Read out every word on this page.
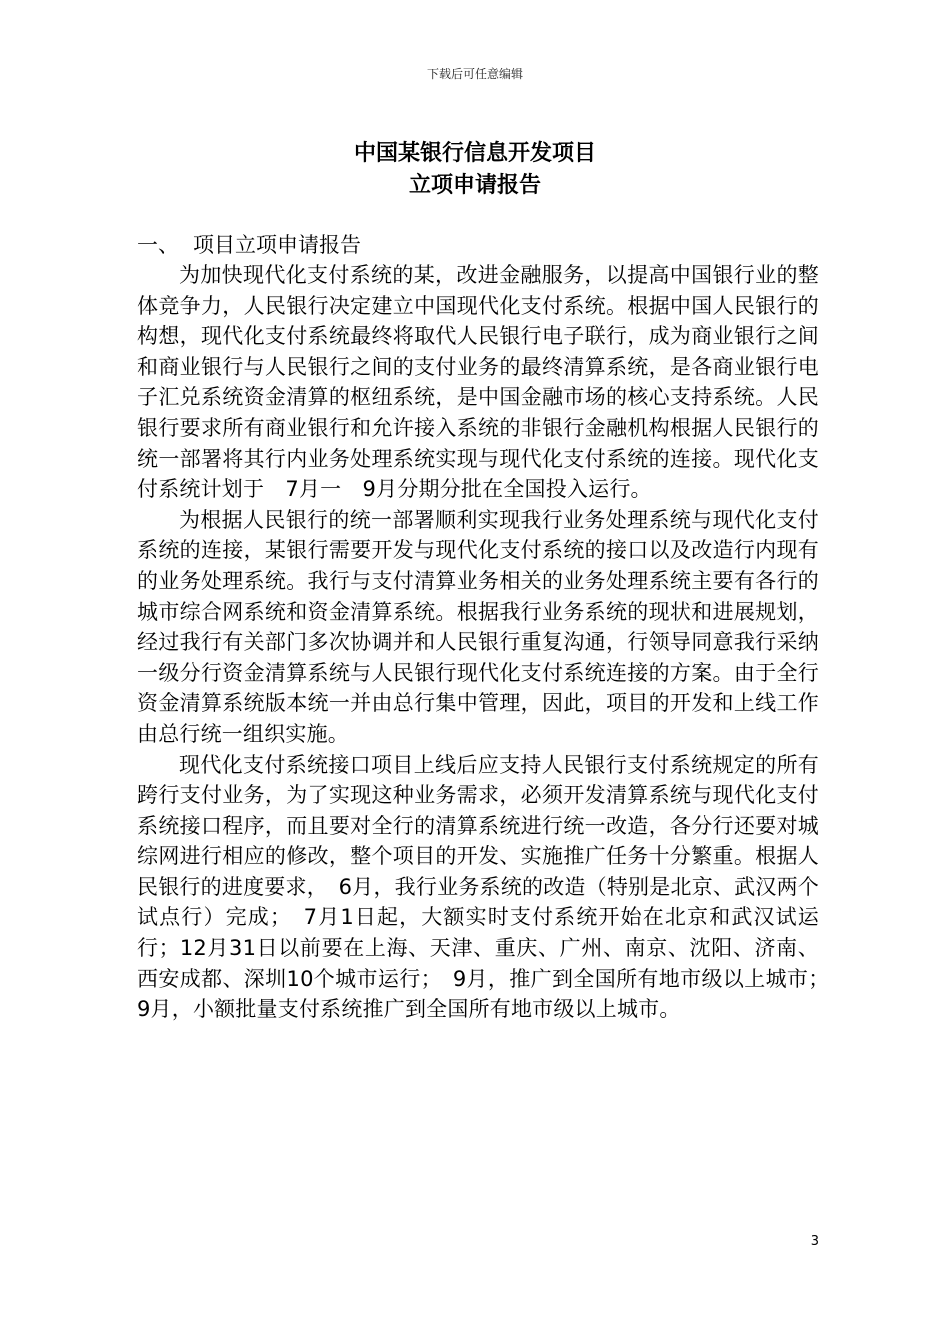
下载后可任意编辑
中国某银行信息开发项目
立项申请报告

一、 项目立项申请报告

为加快现代化支付系统的某，改进金融服务，以提高中国银行业的整体竞争力，人民银行决定建立中国现代化支付系统。根据中国人民银行的构想，现代化支付系统最终将取代人民银行电子联行，成为商业银行之间和商业银行与人民银行之间的支付业务的最终清算系统，是各商业银行电子汇兑系统资金清算的枢纽系统，是中国金融市场的核心支持系统。人民银行要求所有商业银行和允许接入系统的非银行金融机构根据人民银行的统一部署将其行内业务处理系统实现与现代化支付系统的连接。现代化支付系统计划于　7月一　9月分期分批在全国投入运行。

为根据人民银行的统一部署顺利实现我行业务处理系统与现代化支付系统的连接，某银行需要开发与现代化支付系统的接口以及改造行内现有的业务处理系统。我行与支付清算业务相关的业务处理系统主要有各行的城市综合网系统和资金清算系统。根据我行业务系统的现状和进展规划，经过我行有关部门多次协调并和人民银行重复沟通，行领导同意我行采纳一级分行资金清算系统与人民银行现代化支付系统连接的方案。由于全行资金清算系统版本统一并由总行集中管理，因此，项目的开发和上线工作由总行统一组织实施。

现代化支付系统接口项目上线后应支持人民银行支付系统规定的所有跨行支付业务，为了实现这种业务需求，必须开发清算系统与现代化支付系统接口程序，而且要对全行的清算系统进行统一改造，各分行还要对城综网进行相应的修改，整个项目的开发、实施推广任务十分繁重。根据人民银行的进度要求，　6月，我行业务系统的改造（特别是北京、武汉两个试点行）完成；　7月1日起，大额实时支付系统开始在北京和武汉试运行；12月31日以前要在上海、天津、重庆、广州、南京、沈阳、济南、西安成都、深圳10个城市运行；　9月，推广到全国所有地市级以上城市；　9月，小额批量支付系统推广到全国所有地市级以上城市。

3
